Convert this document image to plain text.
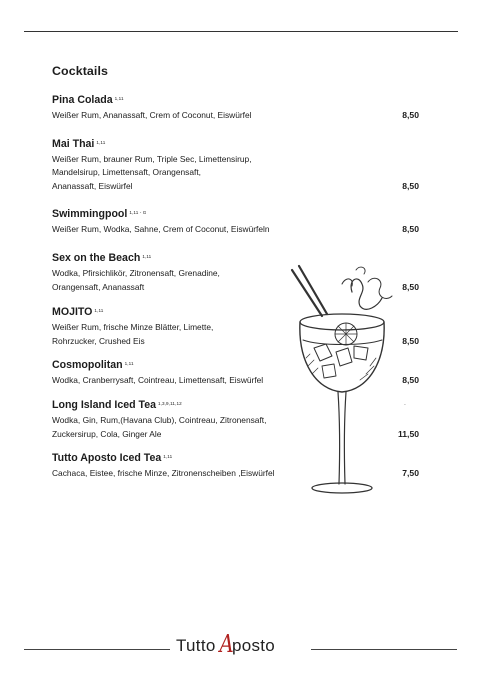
Cocktails
Pina Colada $^{1,11}$
Weißer Rum, Ananassaft, Crem of Coconut, Eiswürfel	8,50
Mai Thai $^{1,11}$
Weißer Rum, brauner Rum, Triple Sec, Limettensirup,
Mandelsirup, Limettensaft, Orangensaft,
Ananassaft, Eiswürfel	8,50
Swimmingpool $^{1,11 - G}$
Weißer Rum, Wodka, Sahne, Crem of Coconut, Eiswürfeln	8,50
Sex on the Beach $^{1,11}$
Wodka, Pfirsichlikör, Zitronensaft, Grenadine,
Orangensaft, Ananassaft	8,50
MOJITO $^{1,11}$
Weißer Rum, frische Minze Blätter, Limette,
Rohrzucker, Crushed Eis	8,50
Cosmopolitan $^{1,11}$
Wodka, Cranberrysaft, Cointreau, Limettensaft, Eiswürfel	8,50
Long Island Iced Tea $^{1,3,9,11,12}$
Wodka, Gin, Rum,(Havana Club), Cointreau, Zitronensaft,
Zuckersirup, Cola, Ginger Ale	11,50
Tutto Aposto Iced Tea $^{1,11}$
Cachaca, Eistee, frische Minze, Zitronenscheiben ,Eiswürfel	7,50
`
Tutto Aposto
